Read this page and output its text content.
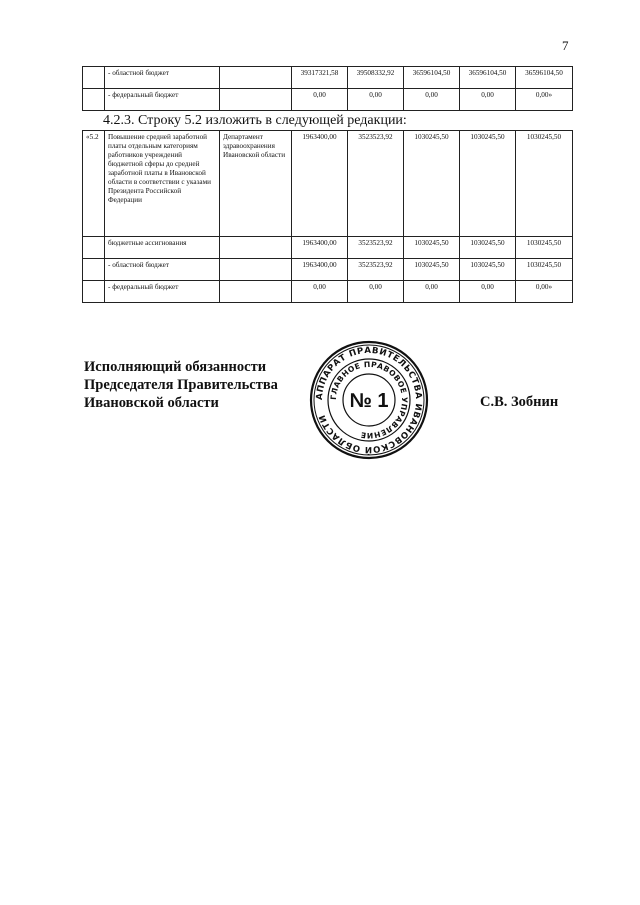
7
	- областной бюджет		39317321,58	39508332,92	36596104,50	36596104,50	36596104,50
	- федеральный бюджет		0,00	0,00	0,00	0,00	0,00»
4.2.3. Строку 5.2 изложить в следующей редакции:
«5.2	Повышение средней заработной платы отдельным категориям работников учреждений бюджетной сферы до средней заработной платы в Ивановской области в соответствии с указами Президента Российской Федерации	Департамент здравоохранения Ивановской области	1963400,00	3523523,92	1030245,50	1030245,50	1030245,50
	бюджетные ассигнования		1963400,00	3523523,92	1030245,50	1030245,50	1030245,50
	- областной бюджет		1963400,00	3523523,92	1030245,50	1030245,50	1030245,50
	- федеральный бюджет		0,00	0,00	0,00	0,00	0,00»
Исполняющий обязанности
Председателя Правительства
Ивановской области	С.В. Зобнин
АППАРАТ ПРАВИТЕЛЬСТВА ИВАНОВСКОЙ ОБЛАСТИ
ГЛАВНОЕ ПРАВОВОЕ УПРАВЛЕНИЕ
№ 1
